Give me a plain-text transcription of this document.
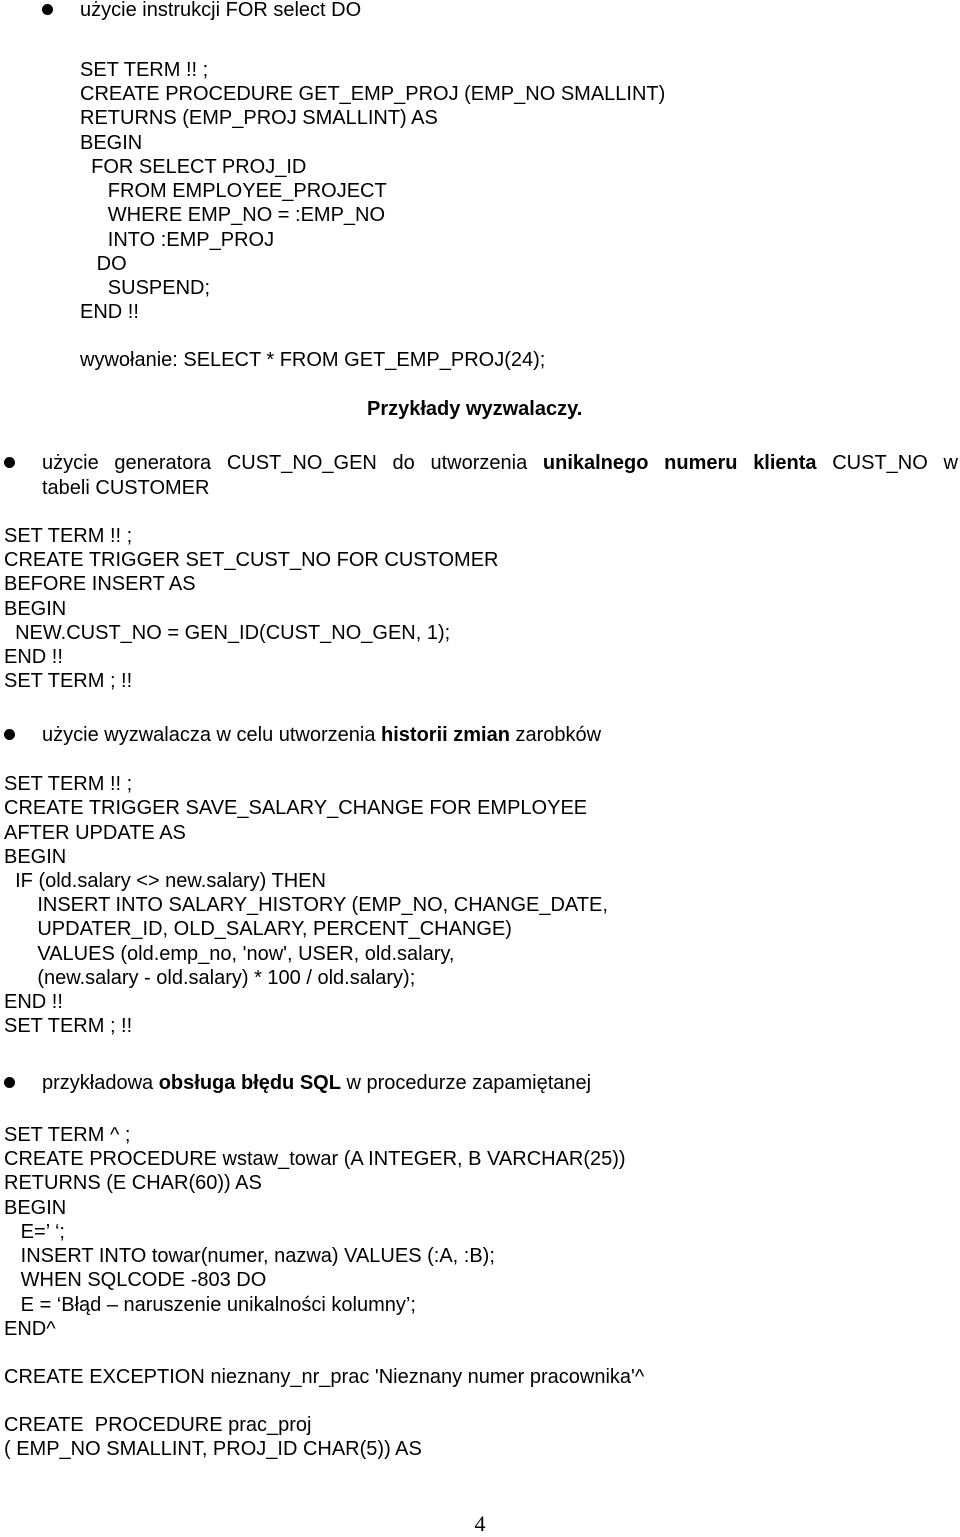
użycie instrukcji FOR select DO
SET TERM !! ;
CREATE PROCEDURE GET_EMP_PROJ (EMP_NO SMALLINT)
RETURNS (EMP_PROJ SMALLINT) AS
BEGIN
FOR SELECT PROJ_ID
FROM EMPLOYEE_PROJECT
WHERE EMP_NO = :EMP_NO
INTO :EMP_PROJ
DO
SUSPEND;
END !!
wywołanie: SELECT * FROM GET_EMP_PROJ(24);
Przykłady wyzwalaczy.
użycie generatora CUST_NO_GEN do utworzenia unikalnego numeru klienta CUST_NO w
tabeli CUSTOMER
SET TERM !! ;
CREATE TRIGGER SET_CUST_NO FOR CUSTOMER
BEFORE INSERT AS
BEGIN
NEW.CUST_NO = GEN_ID(CUST_NO_GEN, 1);
END !!
SET TERM ; !!
użycie wyzwalacza w celu utworzenia historii zmian zarobków
SET TERM !! ;
CREATE TRIGGER SAVE_SALARY_CHANGE FOR EMPLOYEE
AFTER UPDATE AS
BEGIN
IF (old.salary <> new.salary) THEN
INSERT INTO SALARY_HISTORY (EMP_NO, CHANGE_DATE,
UPDATER_ID, OLD_SALARY, PERCENT_CHANGE)
VALUES (old.emp_no, 'now', USER, old.salary,
(new.salary - old.salary) * 100 / old.salary);
END !!
SET TERM ; !!
przykładowa obsługa błędu SQL w procedurze zapamiętanej
SET TERM ^ ;
CREATE PROCEDURE wstaw_towar (A INTEGER, B VARCHAR(25))
RETURNS (E CHAR(60)) AS
BEGIN
E=’ ‘;
INSERT INTO towar(numer, nazwa) VALUES (:A, :B);
WHEN SQLCODE -803 DO
E = ‘Błąd – naruszenie unikalności kolumny’;
END^
CREATE EXCEPTION nieznany_nr_prac 'Nieznany numer pracownika'^
CREATE  PROCEDURE prac_proj
( EMP_NO SMALLINT, PROJ_ID CHAR(5)) AS
4
